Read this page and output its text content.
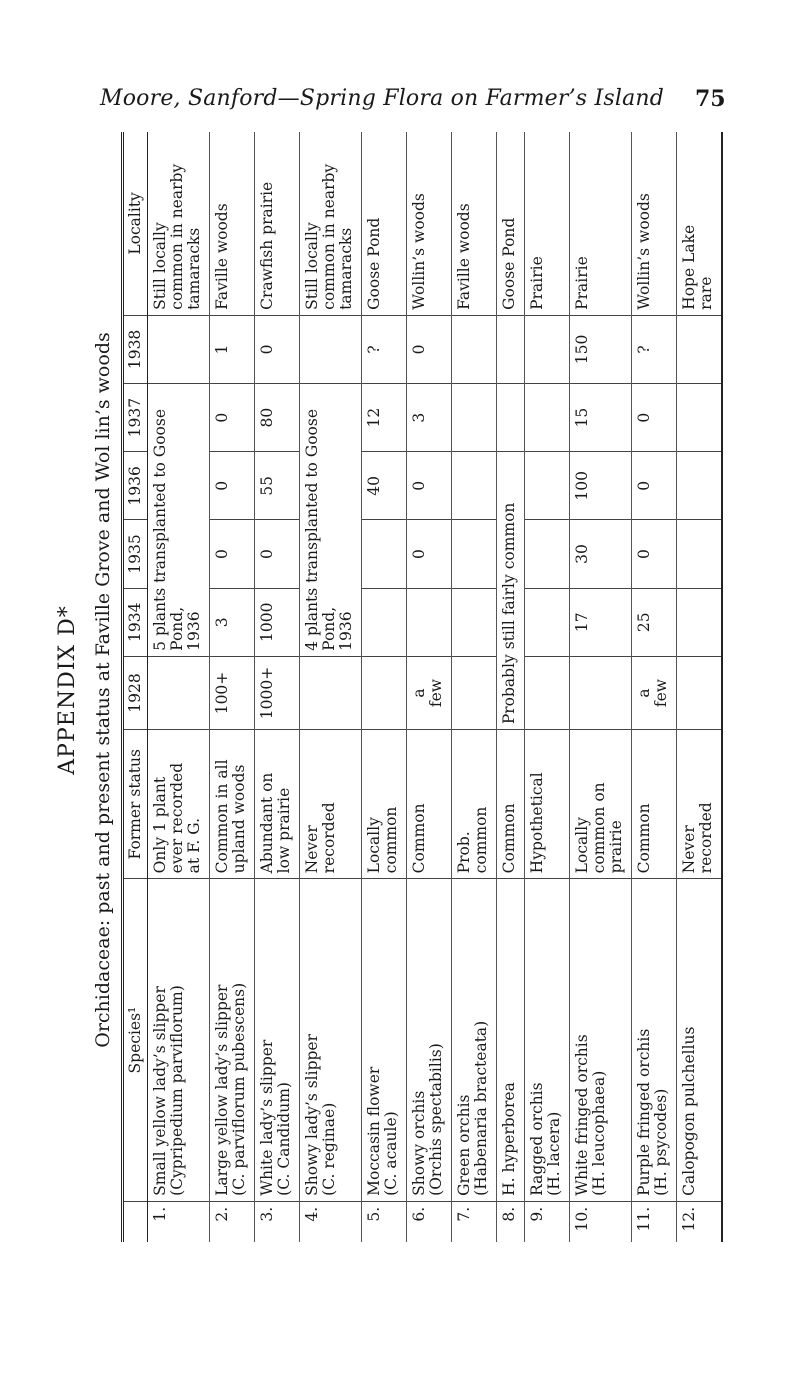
Moore, Sanford—Spring Flora on Farmer’s Island 75
APPENDIX D* Orchidaceae: past and present status at Faville Grove and Wol lin’s woods
	Species¹	Former status	1928	1934	1935	1936	1937	1938	Locality
1.	Small yellow lady’s slipper
(Cypripedium parviflorum)	Only 1 plant
ever recorded
at F. G.		5 plants transplanted to Goose Pond,
1936					Still locally
common in nearby
tamaracks
2.	Large yellow lady’s slipper
(C. parviflorum pubescens)	Common in all
upland woods	100+	3	0	0	0	1	Faville woods
3.	White lady’s slipper
(C. Candidum)	Abundant on
low prairie	1000+	1000	0	55	80	0	Crawfish prairie
4.	Showy lady’s slipper
(C. reginae)	Never
recorded		4 plants transplanted to Goose Pond,
1936					Still locally
common in nearby
tamaracks
5.	Moccasin flower
(C. acaule)	Locally
common				40	12	?	Goose Pond
6.	Showy orchis
(Orchis spectabilis)	Common	a
few		0	0	3	0	Wollin’s woods
7.	Green orchis
(Habenaria bracteata)	Prob.
common							Faville woods
8.	H. hyperborea	Common	Probably still fairly common						Goose Pond
9.	Ragged orchis
(H. lacera)	Hypothetical							Prairie
10.	White fringed orchis
(H. leucophaea)	Locally
common on
prairie		17	30	100	15	150	Prairie
11.	Purple fringed orchis
(H. psycodes)	Common	a
few	25	0	0	0	?	Wollin’s woods
12.	Calopogon pulchellus	Never
recorded							Hope Lake
rare
